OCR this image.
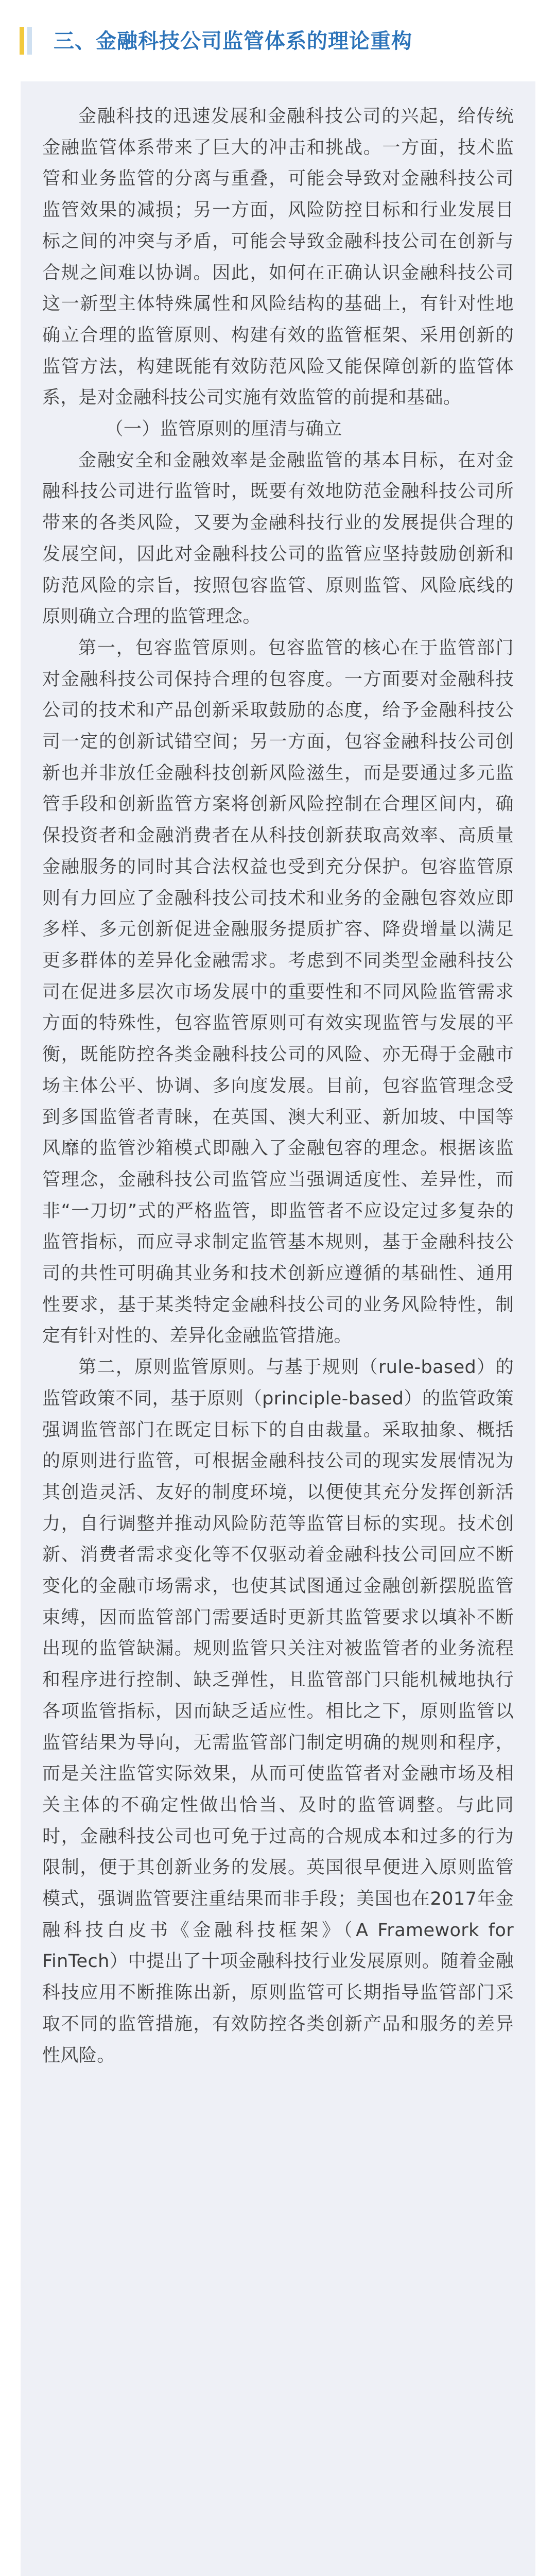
三、金融科技公司监管体系的理论重构

金融科技的迅速发展和金融科技公司的兴起，给传统金融监管体系带来了巨大的冲击和挑战。一方面，技术监管和业务监管的分离与重叠，可能会导致对金融科技公司监管效果的减损；另一方面，风险防控目标和行业发展目标之间的冲突与矛盾，可能会导致金融科技公司在创新与合规之间难以协调。因此，如何在正确认识金融科技公司这一新型主体特殊属性和风险结构的基础上，有针对性地确立合理的监管原则、构建有效的监管框架、采用创新的监管方法，构建既能有效防范风险又能保障创新的监管体系，是对金融科技公司实施有效监管的前提和基础。

（一）监管原则的厘清与确立

金融安全和金融效率是金融监管的基本目标，在对金融科技公司进行监管时，既要有效地防范金融科技公司所带来的各类风险，又要为金融科技行业的发展提供合理的发展空间，因此对金融科技公司的监管应坚持鼓励创新和防范风险的宗旨，按照包容监管、原则监管、风险底线的原则确立合理的监管理念。

第一，包容监管原则。包容监管的核心在于监管部门对金融科技公司保持合理的包容度。一方面要对金融科技公司的技术和产品创新采取鼓励的态度，给予金融科技公司一定的创新试错空间；另一方面，包容金融科技公司创新也并非放任金融科技创新风险滋生，而是要通过多元监管手段和创新监管方案将创新风险控制在合理区间内，确保投资者和金融消费者在从科技创新获取高效率、高质量金融服务的同时其合法权益也受到充分保护。包容监管原则有力回应了金融科技公司技术和业务的金融包容效应即多样、多元创新促进金融服务提质扩容、降费增量以满足更多群体的差异化金融需求。考虑到不同类型金融科技公司在促进多层次市场发展中的重要性和不同风险监管需求方面的特殊性，包容监管原则可有效实现监管与发展的平衡，既能防控各类金融科技公司的风险、亦无碍于金融市场主体公平、协调、多向度发展。目前，包容监管理念受到多国监管者青睐，在英国、澳大利亚、新加坡、中国等风靡的监管沙箱模式即融入了金融包容的理念。根据该监管理念，金融科技公司监管应当强调适度性、差异性，而非“一刀切”式的严格监管，即监管者不应设定过多复杂的监管指标，而应寻求制定监管基本规则，基于金融科技公司的共性可明确其业务和技术创新应遵循的基础性、通用性要求，基于某类特定金融科技公司的业务风险特性，制定有针对性的、差异化金融监管措施。

第二，原则监管原则。与基于规则（rule-based）的监管政策不同，基于原则（principle-based）的监管政策强调监管部门在既定目标下的自由裁量。采取抽象、概括的原则进行监管，可根据金融科技公司的现实发展情况为其创造灵活、友好的制度环境，以便使其充分发挥创新活力，自行调整并推动风险防范等监管目标的实现。技术创新、消费者需求变化等不仅驱动着金融科技公司回应不断变化的金融市场需求，也使其试图通过金融创新摆脱监管束缚，因而监管部门需要适时更新其监管要求以填补不断出现的监管缺漏。规则监管只关注对被监管者的业务流程和程序进行控制、缺乏弹性，且监管部门只能机械地执行各项监管指标，因而缺乏适应性。相比之下，原则监管以监管结果为导向，无需监管部门制定明确的规则和程序，而是关注监管实际效果，从而可使监管者对金融市场及相关主体的不确定性做出恰当、及时的监管调整。与此同时，金融科技公司也可免于过高的合规成本和过多的行为限制，便于其创新业务的发展。英国很早便进入原则监管模式，强调监管要注重结果而非手段；美国也在2017年金融科技白皮书《金融科技框架》（A Framework for FinTech）中提出了十项金融科技行业发展原则。随着金融科技应用不断推陈出新，原则监管可长期指导监管部门采取不同的监管措施，有效防控各类创新产品和服务的差异性风险。
